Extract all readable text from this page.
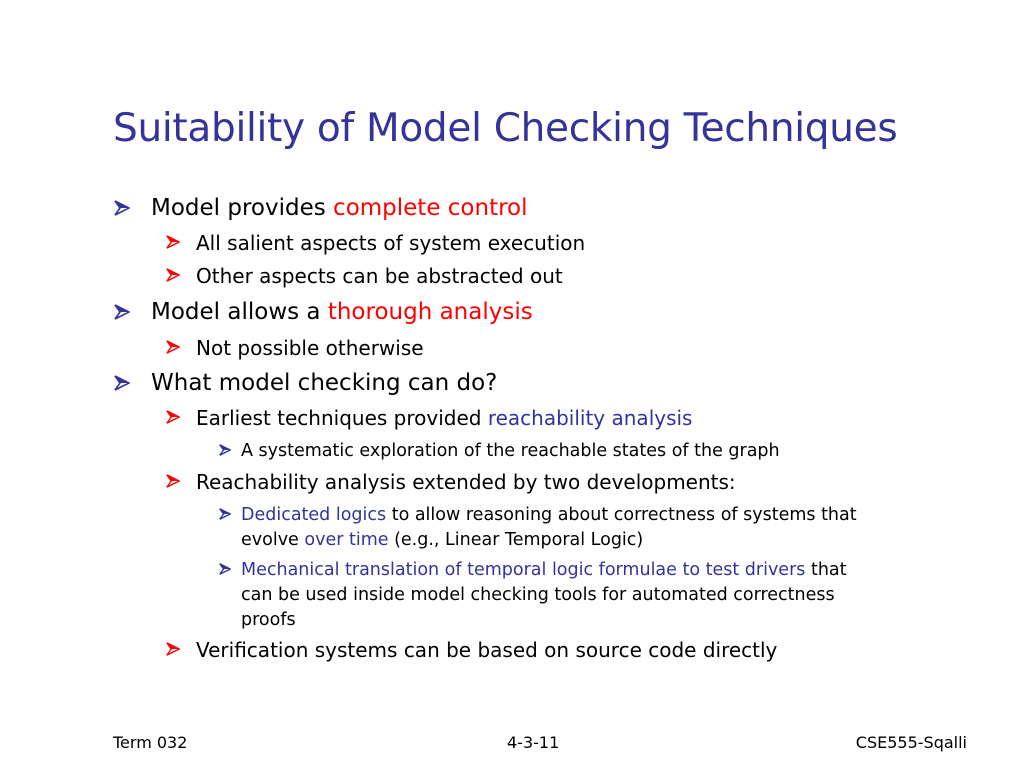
Suitability of Model Checking Techniques
Model provides complete control
All salient aspects of system execution
Other aspects can be abstracted out
Model allows a thorough analysis
Not possible otherwise
What model checking can do?
Earliest techniques provided reachability analysis
A systematic exploration of the reachable states of the graph
Reachability analysis extended by two developments:
Dedicated logics to allow reasoning about correctness of systems that
evolve over time (e.g., Linear Temporal Logic)
Mechanical translation of temporal logic formulae to test drivers that
can be used inside model checking tools for automated correctness
proofs
Verification systems can be based on source code directly
Term 032	4-3-11	CSE555-Sqalli
